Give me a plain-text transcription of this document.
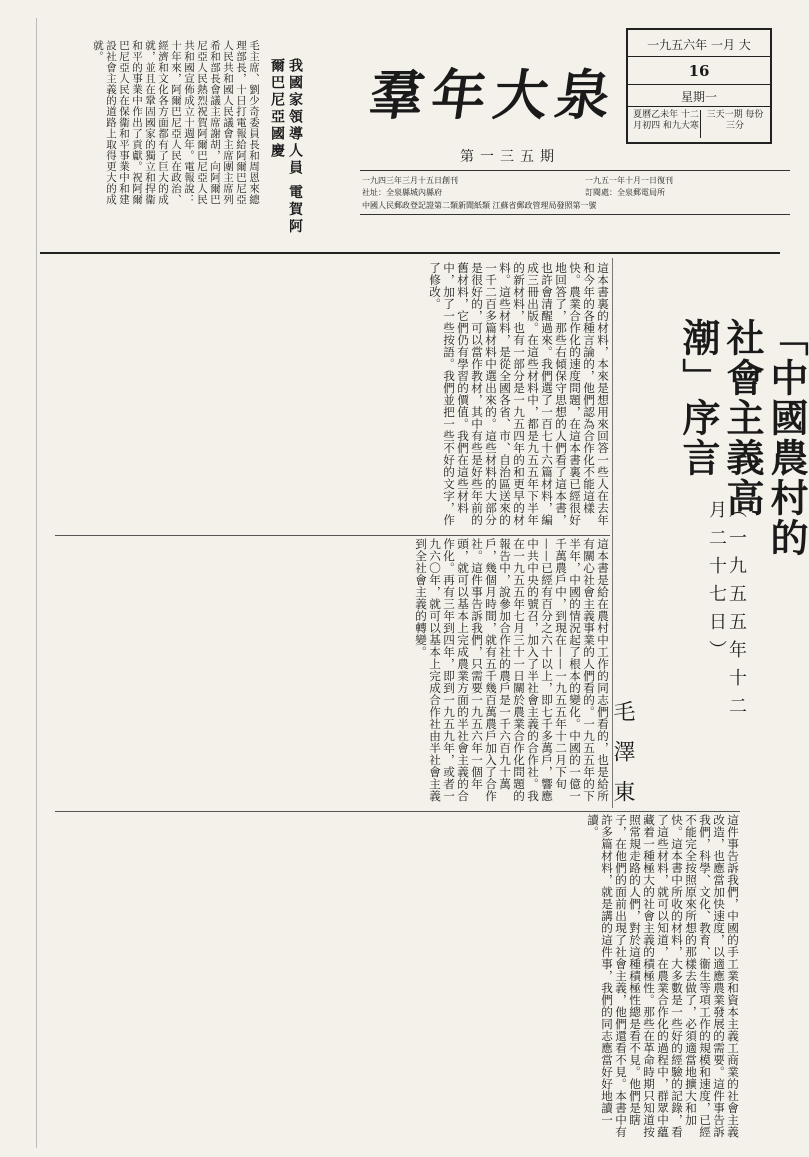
一九五六年 一月 大
16
星期一
夏曆乙未年 十二月初四 和九大寒
三天一期 每份三分
羣 年 大 泉
第一三五期
一九四三年三月十五日創刊
社址：全泉縣城內縣府
一九五一年十月一日復刊
訂閱處：全泉郵電局所
中國人民郵政登記證第二類新聞紙類 江蘇省郵政管理局發照第一號
我國家領導人員 電賀阿爾巴尼亞國慶
毛主席、劉少奇委員長和周恩來總理部長，十日打電報給阿爾巴尼亞人民共和國人民議會主席團主席列希和部長會議主席謝胡，向阿爾巴尼亞人民熱烈祝賀阿爾巴尼亞人民共和國宣佈成立十週年。電報說：十年來，阿爾巴尼亞人民在政治、經濟和文化各方面都有了巨大的成就，並且在鞏固國家的獨立和捍衞和平的事業中作出了貢獻。祝阿爾巴尼亞人民在保衞和平事業中和建設社會主義的道路上取得更大的成就。
「中國農村的社會主義高潮」序言
（一九五五年十二月二十七日）
毛澤東
這本書裏的材料，本來是想用來回答一些人在去年和今年的各種言論的，他們認為合作化不能這樣快。農業合作化的速度問題，在這本書裏已經很好地回答了，那些右傾保守思想的人們看了這本書，也許會清醒過來。我們選了一百七十六篇材料，編成三冊出版。在這些材料中，都是九五五年下半年的新材料，也有一部分是一九五四年的和更早的材料。這些材料，是從全國各省、市、自治區送來的一千二百多篇材料中選出來的。這些材料的大部分是很好的，可以當作教材，其中有些是好些年前的舊材料，它們仍有學習的價值。我們在這些材料中，加了一些按語。我們並把一些不好的文字，作了修改。
這本書是給在農村中工作的同志們看的，也是給所有關心社會主義事業的人們看的。一九五五年的下半年，中國的情況起了根本的變化。中國的一億一千萬農戶中，到現在——一九五五年十二月下旬——已經有百分之六十以上，即七千多萬戶，響應中共中央的號召，加入了半社會主義的合作社。我在一九五五年七月三十一日關於農業合作化問題的報告中，說參加合作社的農戶是一千六百九十萬戶，幾個月時間，就有五千幾百萬農戶加入了合作社。這件事告訴我們，只需要一九五六年一個年頭，就可以基本上完成農業方面的半社會主義的合作化。再有三年到四年，即到一九五九年，或者一九六〇年，就可以基本上完成合作社由半社會主義到全社會主義的轉變。
這件事告訴我們，中國的手工業和資本主義工商業的社會主義改造，也應當加快速度，以適應農業發展的需要。這件事告訴我們，科學、文化、教育、衞生等項工作的規模和速度，已經不能完全按照原來所想的那樣去做了，必須適當地擴大和加快。這本書中所收的材料，大多數是一些好的經驗的記錄，看了這些材料，就可以知道，在農業合作化的過程中，群眾中蘊藏着一種極大的社會主義的積極性。那些在革命時期只知道按照常規走路的人們，對於這種積極性總是看不見。他們是瞎子，在他們的面前出現了社會主義，他們還看不見。本書中有許多篇材料，就是講的這件事，我們的同志應當好好地讀一讀。
